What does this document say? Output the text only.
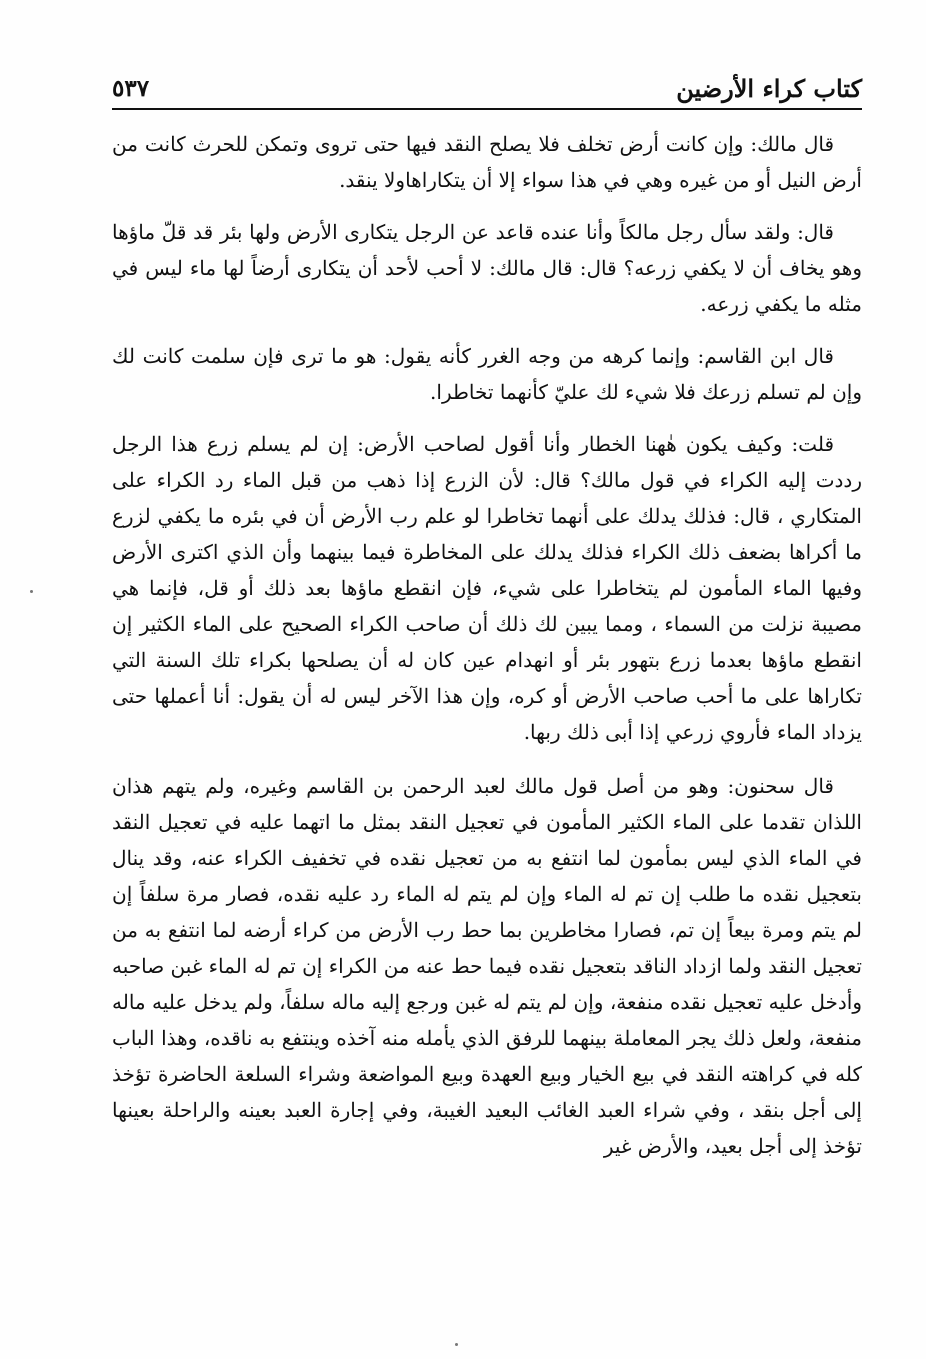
كتاب كراء الأرضين
٥٣٧

قال مالك: وإن كانت أرض تخلف فلا يصلح النقد فيها حتى تروى وتمكن للحرث كانت من أرض النيل أو من غيره وهي في هذا سواء إلا أن يتكاراهاولا ينقد.

قال: ولقد سأل رجل مالكاً وأنا عنده قاعد عن الرجل يتكارى الأرض ولها بئر قد قلّ ماؤها وهو يخاف أن لا يكفي زرعه؟ قال: قال مالك: لا أحب لأحد أن يتكارى أرضاً لها ماء ليس في مثله ما يكفي زرعه.

قال ابن القاسم: وإنما كرهه من وجه الغرر كأنه يقول: هو ما ترى فإن سلمت كانت لك وإن لم تسلم زرعك فلا شيء لك عليّ كأنهما تخاطرا.

قلت: وكيف يكون هٰهنا الخطار وأنا أقول لصاحب الأرض: إن لم يسلم زرع هذا الرجل رددت إليه الكراء في قول مالك؟ قال: لأن الزرع إذا ذهب من قبل الماء رد الكراء على المتكاري ، قال: فذلك يدلك على أنهما تخاطرا لو علم رب الأرض أن في بئره ما يكفي لزرع ما أكراها بضعف ذلك الكراء فذلك يدلك على المخاطرة فيما بينهما وأن الذي اكترى الأرض وفيها الماء المأمون لم يتخاطرا على شيء، فإن انقطع ماؤها بعد ذلك أو قل، فإنما هي مصيبة نزلت من السماء ، ومما يبين لك ذلك أن صاحب الكراء الصحيح على الماء الكثير إن انقطع ماؤها بعدما زرع بتهور بئر أو انهدام عين كان له أن يصلحها بكراء تلك السنة التي تكاراها على ما أحب صاحب الأرض أو كره، وإن هذا الآخر ليس له أن يقول: أنا أعملها حتى يزداد الماء فأروي زرعي إذا أبى ذلك ربها.

قال سحنون: وهو من أصل قول مالك لعبد الرحمن بن القاسم وغيره، ولم يتهم هذان اللذان تقدما على الماء الكثير المأمون في تعجيل النقد بمثل ما اتهما عليه في تعجيل النقد في الماء الذي ليس بمأمون لما انتفع به من تعجيل نقده في تخفيف الكراء عنه، وقد ينال بتعجيل نقده ما طلب إن تم له الماء وإن لم يتم له الماء رد عليه نقده، فصار مرة سلفاً إن لم يتم ومرة بيعاً إن تم، فصارا مخاطرين بما حط رب الأرض من كراء أرضه لما انتفع به من تعجيل النقد ولما ازداد الناقد بتعجيل نقده فيما حط عنه من الكراء إن تم له الماء غبن صاحبه وأدخل عليه تعجيل نقده منفعة، وإن لم يتم له غبن ورجع إليه ماله سلفاً، ولم يدخل عليه ماله منفعة، ولعل ذلك يجر المعاملة بينهما للرفق الذي يأمله منه آخذه وينتفع به ناقده، وهذا الباب كله في كراهته النقد في بيع الخيار وبيع العهدة وبيع المواضعة وشراء السلعة الحاضرة تؤخذ إلى أجل بنقد ، وفي شراء العبد الغائب البعيد الغيبة، وفي إجارة العبد بعينه والراحلة بعينها تؤخذ إلى أجل بعيد، والأرض غير
